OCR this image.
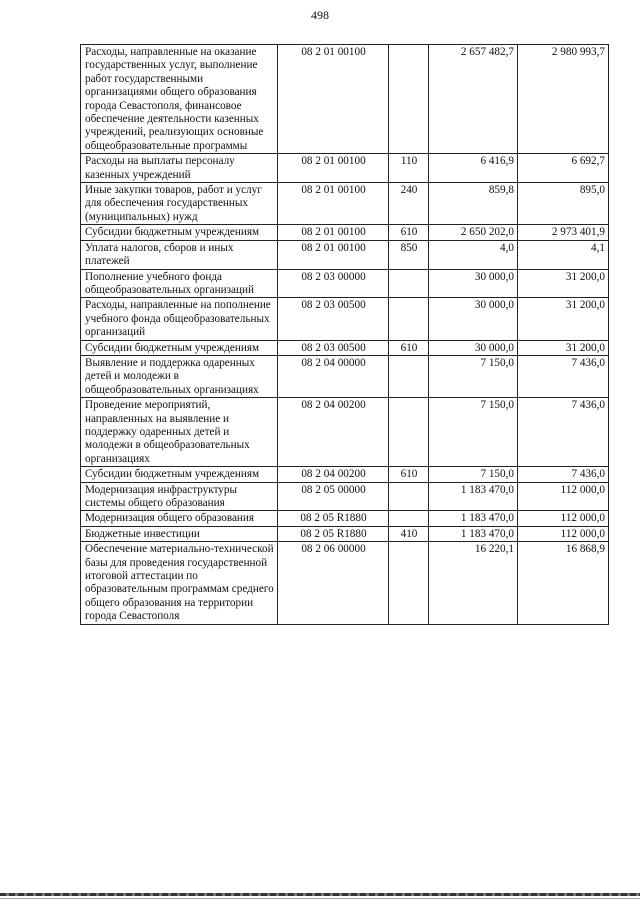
498
Расходы, направленные на оказание государственных услуг, выполнение работ государственными организациями общего образования города Севастополя, финансовое обеспечение деятельности казенных учреждений, реализующих основные общеобразовательные программы	08 2 01 00100		2 657 482,7	2 980 993,7
Расходы на выплаты персоналу казенных учреждений	08 2 01 00100	110	6 416,9	6 692,7
Иные закупки товаров, работ и услуг для обеспечения государственных (муниципальных) нужд	08 2 01 00100	240	859,8	895,0
Субсидии бюджетным учреждениям	08 2 01 00100	610	2 650 202,0	2 973 401,9
Уплата налогов, сборов и иных платежей	08 2 01 00100	850	4,0	4,1
Пополнение учебного фонда общеобразовательных организаций	08 2 03 00000		30 000,0	31 200,0
Расходы, направленные на пополнение учебного фонда общеобразовательных организаций	08 2 03 00500		30 000,0	31 200,0
Субсидии бюджетным учреждениям	08 2 03 00500	610	30 000,0	31 200,0
Выявление и поддержка одаренных детей и молодежи в общеобразовательных организациях	08 2 04 00000		7 150,0	7 436,0
Проведение мероприятий, направленных на выявление и поддержку одаренных детей и молодежи в общеобразовательных организациях	08 2 04 00200		7 150,0	7 436,0
Субсидии бюджетным учреждениям	08 2 04 00200	610	7 150,0	7 436,0
Модернизация инфраструктуры системы общего образования	08 2 05 00000		1 183 470,0	112 000,0
Модернизация общего образования	08 2 05 R1880		1 183 470,0	112 000,0
Бюджетные инвестиции	08 2 05 R1880	410	1 183 470,0	112 000,0
Обеспечение материально-технической базы для проведения государственной итоговой аттестации по образовательным программам среднего общего образования на территории города Севастополя	08 2 06 00000		16 220,1	16 868,9
